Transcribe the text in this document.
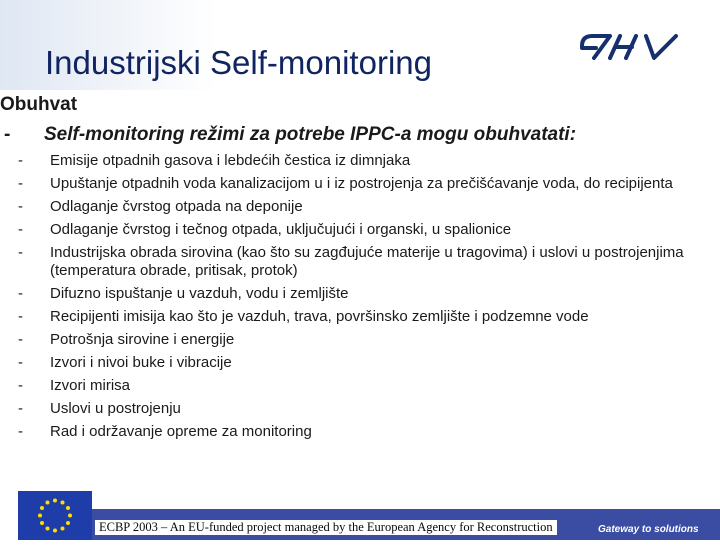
Industrijski Self-monitoring
Obuhvat
- Self-monitoring režimi za potrebe IPPC-a mogu obuhvatati:
- Emisije otpadnih gasova i lebdećih čestica iz dimnjaka
- Upuštanje otpadnih voda kanalizacijom u i iz postrojenja za prečišćavanje voda, do recipijenta
- Odlaganje čvrstog otpada na deponije
- Odlaganje čvrstog i tečnog otpada, uključujući i organski, u spalionice
- Industrijska obrada sirovina (kao što su zagđujuće materije u tragovima) i uslovi u postrojenjima (temperatura obrade, pritisak, protok)
- Difuzno ispuštanje u vazduh, vodu i zemljište
- Recipijenti imisija kao što je vazduh, trava, površinsko zemljište i podzemne vode
- Potrošnja sirovine i energije
- Izvori i nivoi buke i vibracije
- Izvori mirisa
- Uslovi u postrojenju
- Rad i održavanje opreme za monitoring
ECBP 2003 – An EU-funded project managed by the European Agency for Reconstruction	Gateway to solutions
